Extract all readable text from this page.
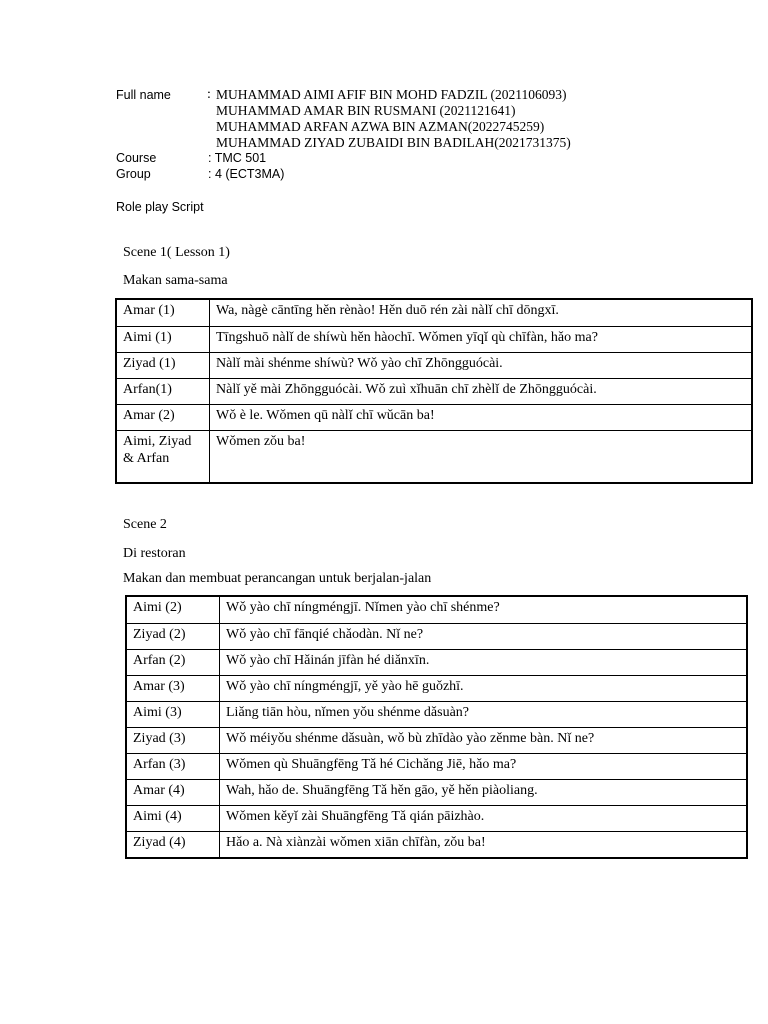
Full name	: MUHAMMAD AIMI AFIF BIN MOHD FADZIL (2021106093)
MUHAMMAD AMAR BIN RUSMANI (2021121641)
MUHAMMAD ARFAN AZWA BIN AZMAN(2022745259)
MUHAMMAD ZIYAD ZUBAIDI BIN BADILAH(2021731375)
Course	: TMC 501
Group	: 4 (ECT3MA)
Role play Script
Scene 1( Lesson 1)
Makan sama-sama
Amar (1)	Wa, nàgè cāntīng hěn rènào! Hěn duō rén zài nàlǐ chī dōngxī.
Aimi (1)	Tīngshuō nàlǐ de shíwù hěn hàochī. Wǒmen yīqǐ qù chīfàn, hǎo ma?
Ziyad (1)	Nàlǐ mài shénme shíwù? Wǒ yào chī Zhōngguócài.
Arfan(1)	Nàlǐ yě mài Zhōngguócài. Wǒ zuì xǐhuān chī zhèlǐ de Zhōngguócài.
Amar (2)	Wǒ è le. Wǒmen qū nàlǐ chī wǔcān ba!
Aimi, Ziyad & Arfan	Wǒmen zǒu ba!
Scene 2
Di restoran
Makan dan membuat perancangan untuk berjalan-jalan
Aimi (2)	Wǒ yào chī níngméngjī. Nǐmen yào chī shénme?
Ziyad (2)	Wǒ yào chī fānqié chǎodàn. Nǐ ne?
Arfan (2)	Wǒ yào chī Hǎinán jīfàn hé diǎnxīn.
Amar (3)	Wǒ yào chī níngméngjī, yě yào hē guǒzhī.
Aimi (3)	Liǎng tiān hòu, nǐmen yǒu shénme dǎsuàn?
Ziyad (3)	Wǒ méiyǒu shénme dǎsuàn, wǒ bù zhīdào yào zěnme bàn. Nǐ ne?
Arfan (3)	Wǒmen qù Shuāngfēng Tǎ hé Cichǎng Jiē, hǎo ma?
Amar (4)	Wah, hǎo de. Shuāngfēng Tǎ hěn gāo, yě hěn piàoliang.
Aimi (4)	Wǒmen kěyǐ zài Shuāngfēng Tǎ qián pāizhào.
Ziyad (4)	Hǎo a. Nà xiànzài wǒmen xiān chīfàn, zǒu ba!
